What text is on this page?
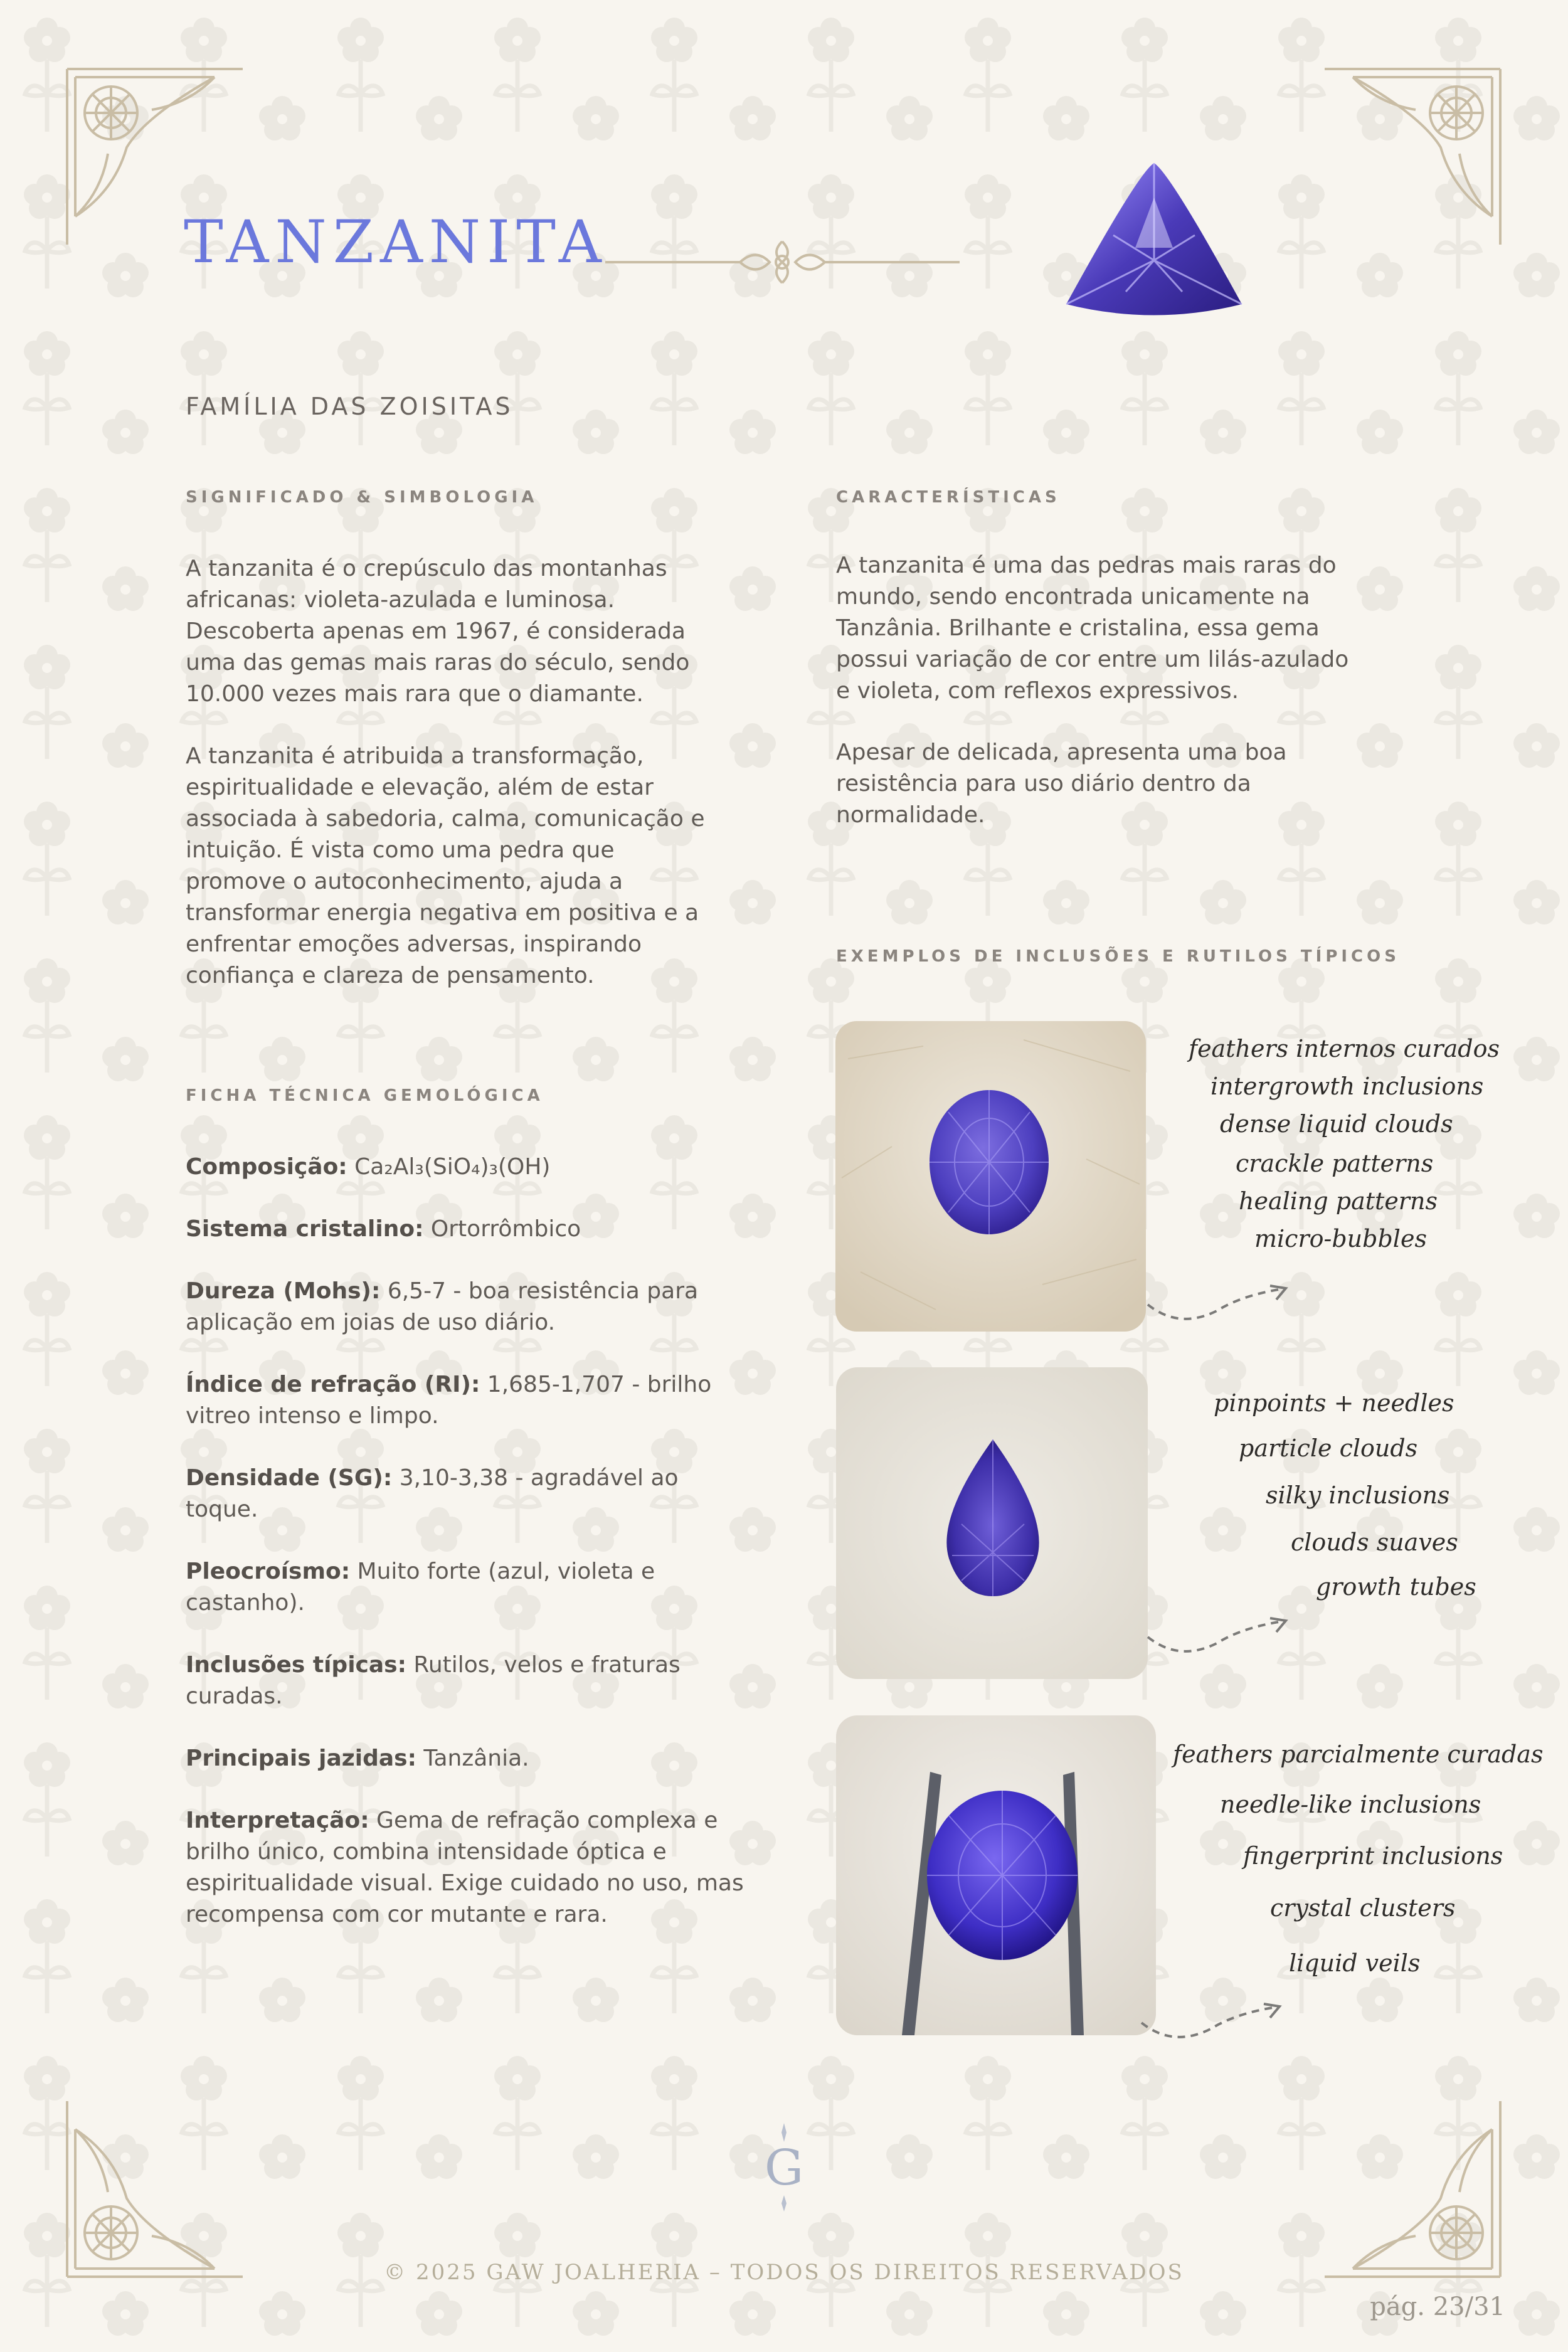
TANZANITA
FAMÍLIA DAS ZOISITAS
SIGNIFICADO & SIMBOLOGIA
A tanzanita é o crepúsculo das montanhas
africanas: violeta-azulada e luminosa.
Descoberta apenas em 1967, é considerada
uma das gemas mais raras do século, sendo
10.000 vezes mais rara que o diamante.
A tanzanita é atribuida a transformação,
espiritualidade e elevação, além de estar
associada à sabedoria, calma, comunicação e
intuição. É vista como uma pedra que
promove o autoconhecimento, ajuda a
transformar energia negativa em positiva e a
enfrentar emoções adversas, inspirando
confiança e clareza de pensamento.
CARACTERÍSTICAS
A tanzanita é uma das pedras mais raras do
mundo, sendo encontrada unicamente na
Tanzânia. Brilhante e cristalina, essa gema
possui variação de cor entre um lilás-azulado
e violeta, com reflexos expressivos.
Apesar de delicada, apresenta uma boa
resistência para uso diário dentro da
normalidade.
FICHA TÉCNICA GEMOLÓGICA
Composição: Ca₂Al₃(SiO₄)₃(OH)
Sistema cristalino: Ortorrômbico
Dureza (Mohs): 6,5-7 - boa resistência para aplicação em joias de uso diário.
Índice de refração (RI): 1,685-1,707 - brilho vitreo intenso e limpo.
Densidade (SG): 3,10-3,38 - agradável ao toque.
Pleocroísmo: Muito forte (azul, violeta e castanho).
Inclusões típicas: Rutilos, velos e fraturas curadas.
Principais jazidas: Tanzânia.
Interpretação: Gema de refração complexa e brilho único, combina intensidade óptica e espiritualidade visual. Exige cuidado no uso, mas recompensa com cor mutante e rara.
EXEMPLOS DE INCLUSÕES E RUTILOS TÍPICOS
feathers internos curados
intergrowth inclusions
dense liquid clouds
crackle patterns
healing patterns
micro-bubbles
pinpoints + needles
particle clouds
silky inclusions
clouds suaves
growth tubes
feathers parcialmente curadas
needle-like inclusions
fingerprint inclusions
crystal clusters
liquid veils
G
© 2025 GAW JOALHERIA – TODOS OS DIREITOS RESERVADOS
pág. 23/31
